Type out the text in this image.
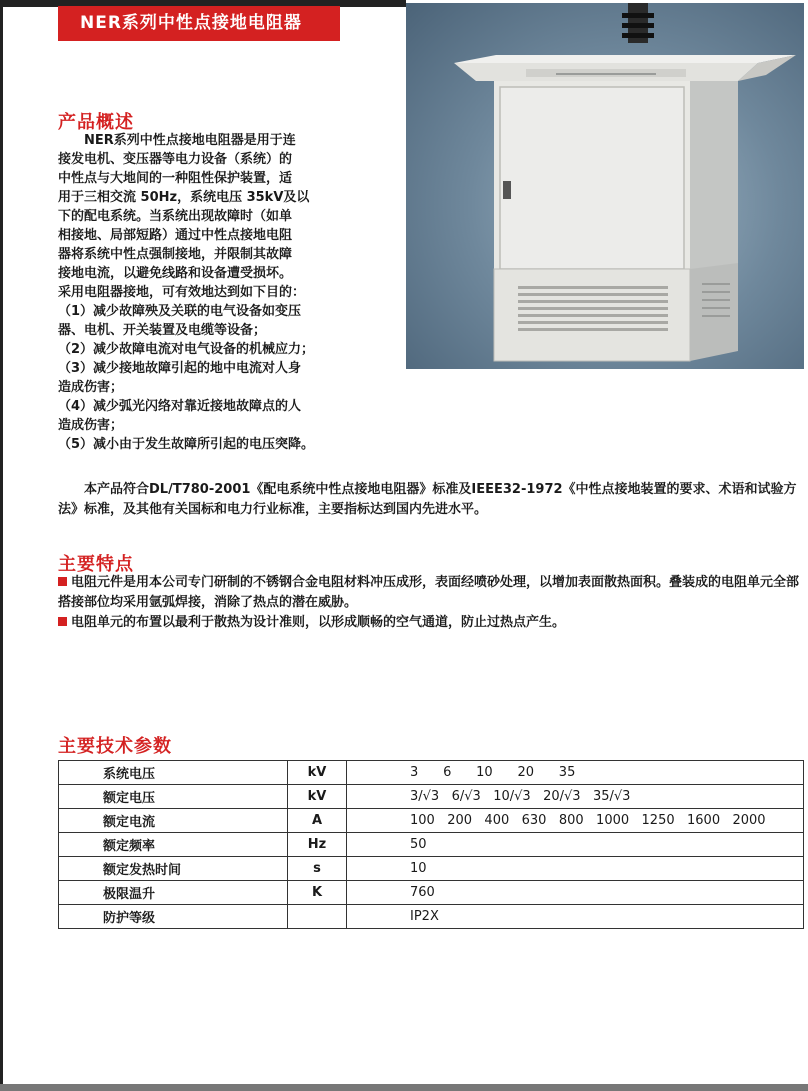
NER系列中性点接地电阻器
产品概述

NER系列中性点接地电阻器是用于连

接发电机、变压器等电力设备（系统）的

中性点与大地间的一种阻性保护装置，适

用于三相交流 50Hz，系统电压 35kV及以

下的配电系统。当系统出现故障时（如单

相接地、局部短路）通过中性点接地电阻

器将系统中性点强制接地，并限制其故障

接地电流，以避免线路和设备遭受损坏。

采用电阻器接地，可有效地达到如下目的：

（1）减少故障殃及关联的电气设备如变压

器、电机、开关装置及电缆等设备；

（2）减少故障电流对电气设备的机械应力；

（3）减少接地故障引起的地中电流对人身

造成伤害；

（4）减少弧光闪络对靠近接地故障点的人

造成伤害；

（5）减小由于发生故障所引起的电压突降。

本产品符合DL/T780-2001《配电系统中性点接地电阻器》标准及IEEE32-1972《中性点接地装置的要求、术语和试验方法》标准，及其他有关国标和电力行业标准，主要指标达到国内先进水平。

主要特点

电阻元件是用本公司专门研制的不锈钢合金电阻材料冲压成形，表面经喷砂处理，以增加表面散热面积。叠装成的电阻单元全部搭接部位均采用氩弧焊接，消除了热点的潜在威胁。

电阻单元的布置以最利于散热为设计准则，以形成顺畅的空气通道，防止过热点产生。

主要技术参数
系统电压	kV	3      6      10      20      35
额定电压	kV	3/√3   6/√3   10/√3   20/√3   35/√3
额定电流	A	100   200   400   630   800   1000   1250   1600   2000
额定频率	Hz	50
额定发热时间	s	10
极限温升	K	760
防护等级		IP2X
